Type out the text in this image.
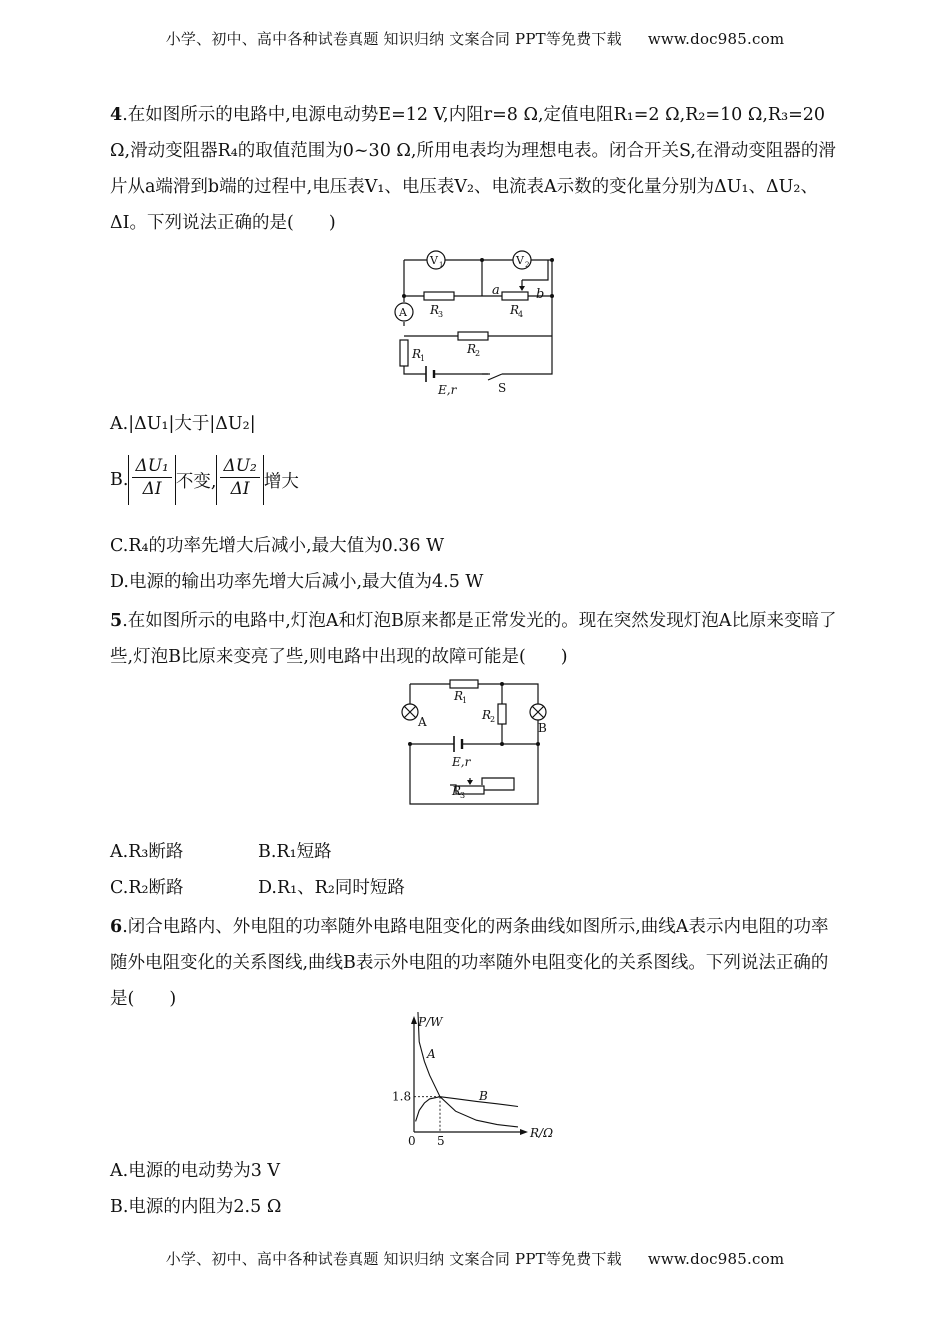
小学、初中、高中各种试卷真题 知识归纳 文案合同 PPT等免费下载 www.doc985.com
4.在如图所示的电路中,电源电动势E=12 V,内阻r=8 Ω,定值电阻R₁=2 Ω,R₂=10 Ω,R₃=20 Ω,滑动变阻器R₄的取值范围为0~30 Ω,所用电表均为理想电表。闭合开关S,在滑动变阻器的滑片从a端滑到b端的过程中,电压表V₁、电压表V₂、电流表A示数的变化量分别为ΔU₁、ΔU₂、ΔI。下列说法正确的是(　　)
V 1	V 2
A
a	b
R
3	R
4
R
2
R
1
E,r	S
A.|ΔU₁|大于|ΔU₂|
B. $\frac{\text{ΔU₁}}{\Delta I}$ 不变, $\frac{\text{ΔU₂}}{\Delta I}$ 增大
C.R₄的功率先增大后减小,最大值为0.36 W
D.电源的输出功率先增大后减小,最大值为4.5 W
5.在如图所示的电路中,灯泡A和灯泡B原来都是正常发光的。现在突然发现灯泡A比原来变暗了些,灯泡B比原来变亮了些,则电路中出现的故障可能是(　　)
R
1
R
2
A	B
E,r
R
3
A.R₃断路	B.R₁短路
C.R₂断路	D.R₁、R₂同时短路
6.闭合电路内、外电阻的功率随外电路电阻变化的两条曲线如图所示,曲线A表示内电阻的功率随外电阻变化的关系图线,曲线B表示外电阻的功率随外电阻变化的关系图线。下列说法正确的是(　　)
1.8
5
P/W
R/Ω
0
A
B
A.电源的电动势为3 V
B.电源的内阻为2.5 Ω
小学、初中、高中各种试卷真题 知识归纳 文案合同 PPT等免费下载 www.doc985.com
